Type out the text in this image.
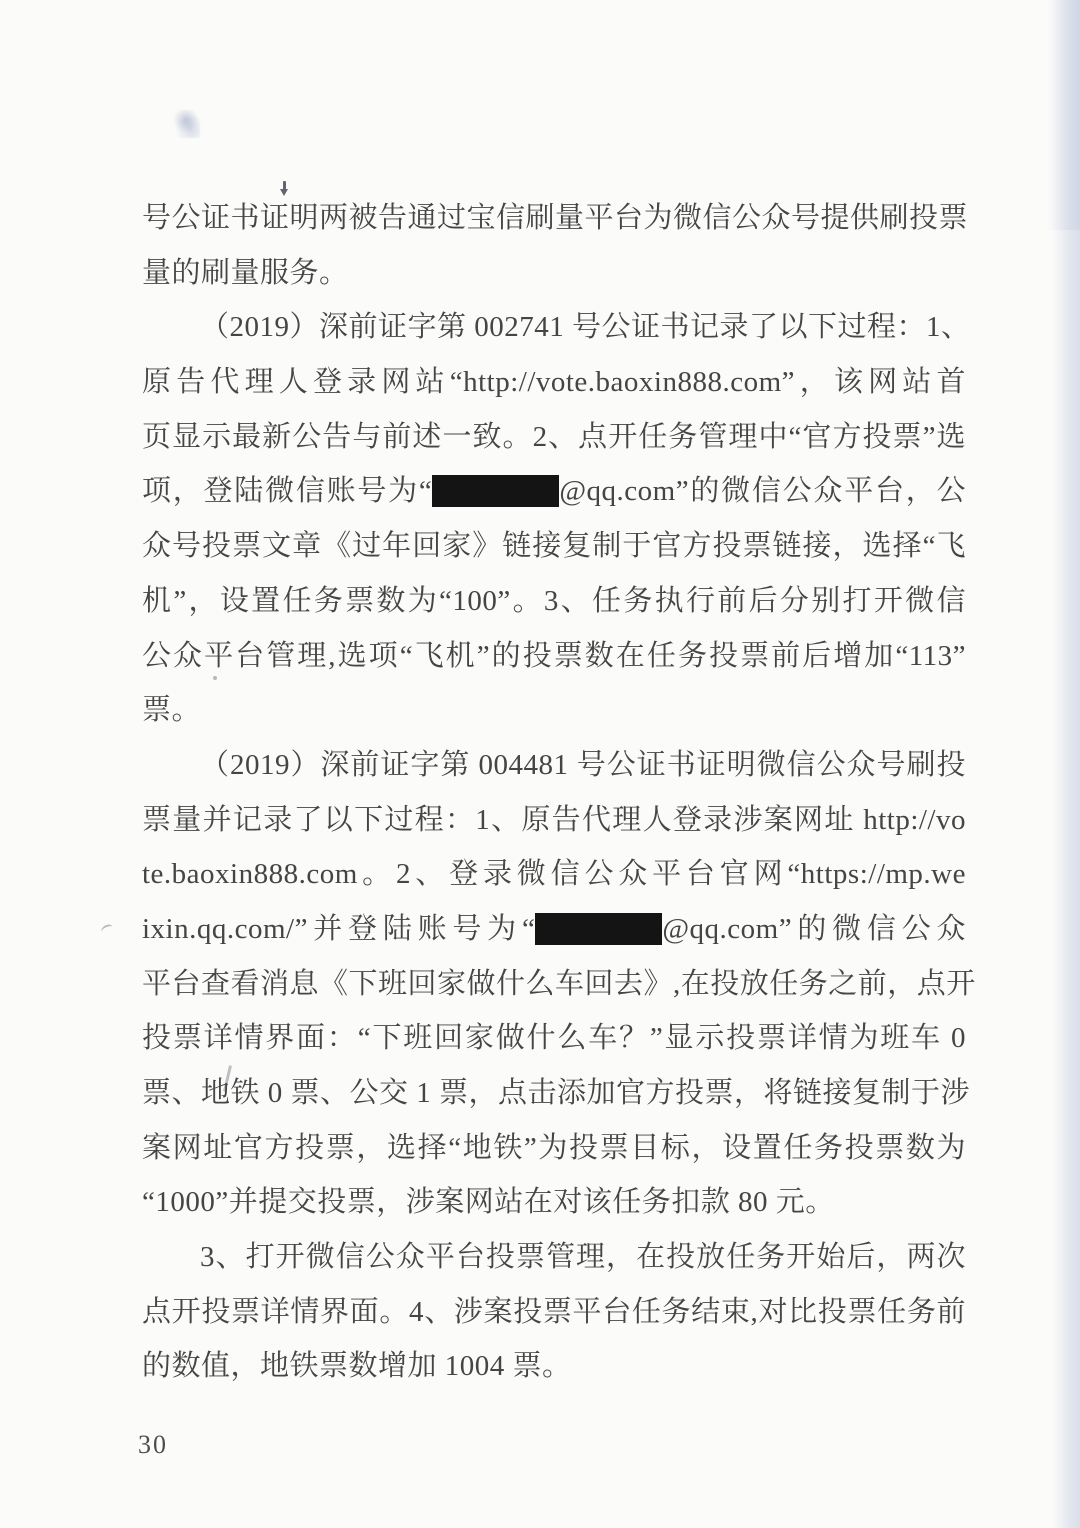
号公证书证明两被告通过宝信刷量平台为微信公众号提供刷投票
量的刷量服务。
（2019）深前证字第 002741 号公证书记录了以下过程：1、
原告代理人登录网站“http://vote.baoxin888.com”，该网站首
页显示最新公告与前述一致。2、点开任务管理中“官方投票”选
项，登陆微信账号为“	@qq.com”的微信公众平台，公
众号投票文章《过年回家》链接复制于官方投票链接，选择“飞
机”，设置任务票数为“100”。3、任务执行前后分别打开微信
公众平台管理,选项“飞机”的投票数在任务投票前后增加“113”
票。
（2019）深前证字第 004481 号公证书证明微信公众号刷投
票量并记录了以下过程：1、原告代理人登录涉案网址 http://vo
te.baoxin888.com。2、登录微信公众平台官网“https://mp.we
ixin.qq.com/”并登陆账号为“	@qq.com”的微信公众
平台查看消息《下班回家做什么车回去》,在投放任务之前，点开
投票详情界面：“下班回家做什么车？”显示投票详情为班车 0
票、地铁 0 票、公交 1 票，点击添加官方投票，将链接复制于涉
案网址官方投票，选择“地铁”为投票目标，设置任务投票数为
“1000”并提交投票，涉案网站在对该任务扣款 80 元。
3、打开微信公众平台投票管理，在投放任务开始后，两次
点开投票详情界面。4、涉案投票平台任务结束,对比投票任务前
的数值，地铁票数增加 1004 票。
30
